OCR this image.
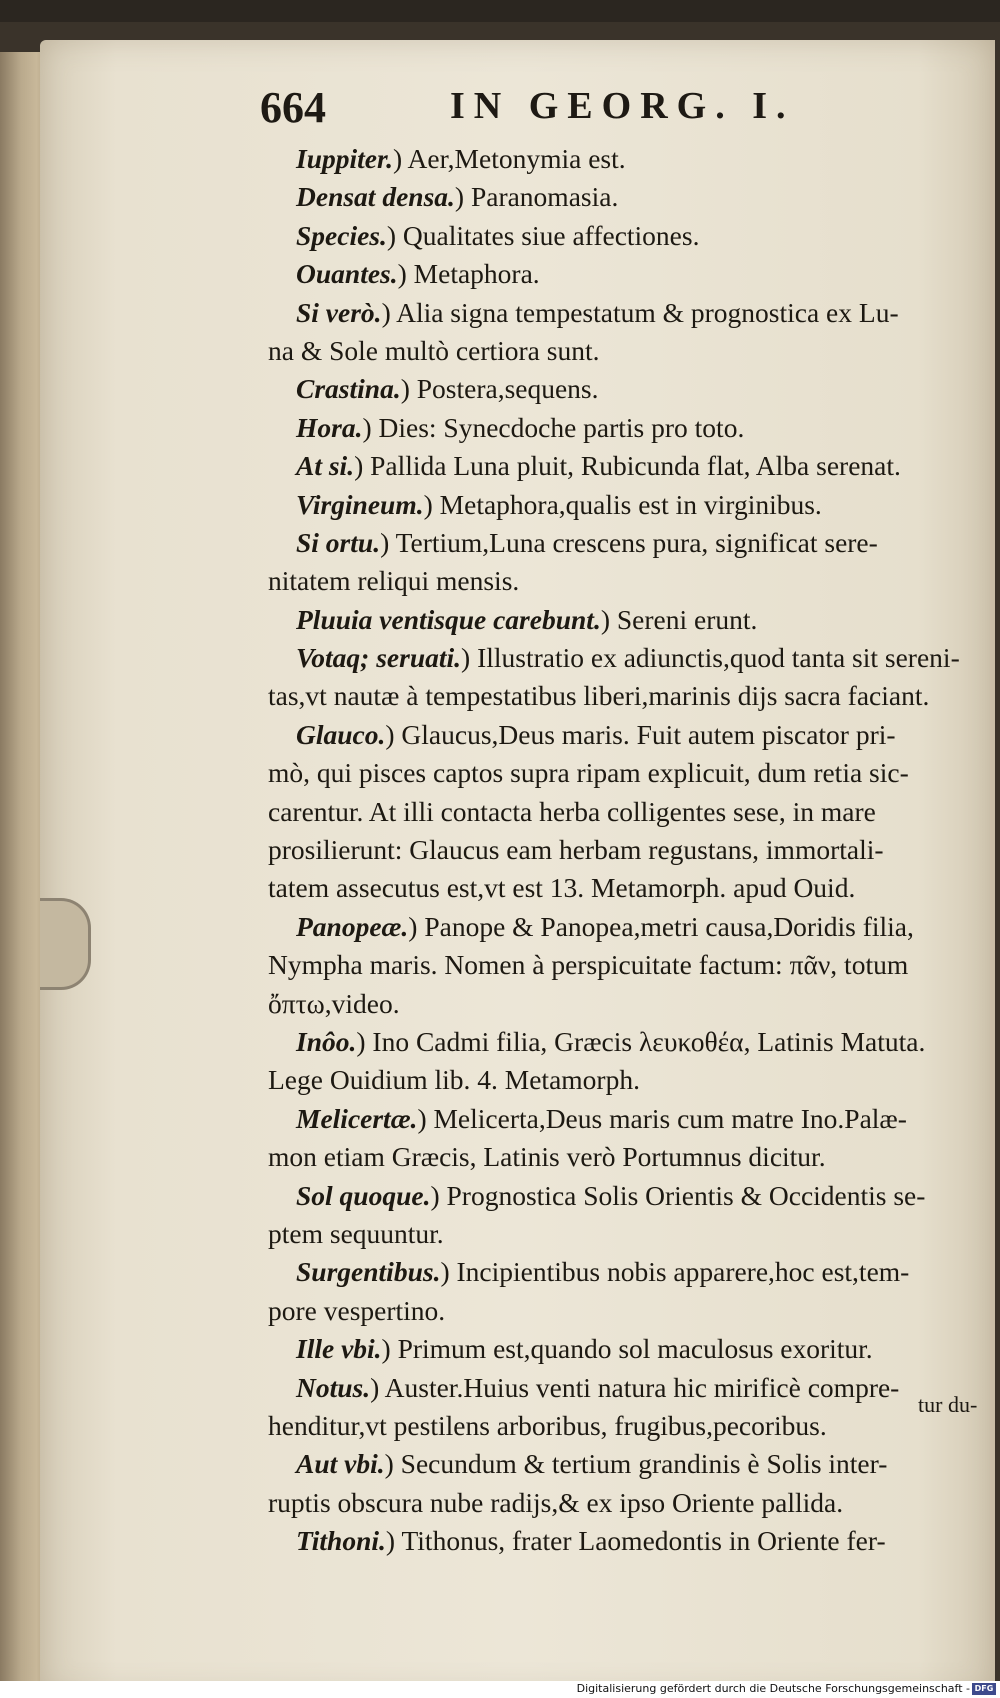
664	IN GEORG. I.
Iuppiter.) Aer,Metonymia est.
Densat densa.) Paranomasia.
Species.) Qualitates siue affectiones.
Ouantes.) Metaphora.
Si verò.) Alia signa tempestatum & prognostica ex Lu-
na & Sole multò certiora sunt.
Crastina.) Postera,sequens.
Hora.) Dies: Synecdoche partis pro toto.
At si.) Pallida Luna pluit, Rubicunda flat, Alba serenat.
Virgineum.) Metaphora,qualis est in virginibus.
Si ortu.) Tertium,Luna crescens pura, significat sere-
nitatem reliqui mensis.
Pluuia ventisque carebunt.) Sereni erunt.
Votaq; seruati.) Illustratio ex adiunctis,quod tanta sit sereni-
tas,vt nautæ à tempestatibus liberi,marinis dijs sacra faciant.
Glauco.) Glaucus,Deus maris. Fuit autem piscator pri-
mò, qui pisces captos supra ripam explicuit, dum retia sic-
carentur. At illi contacta herba colligentes sese, in mare
prosilierunt: Glaucus eam herbam regustans, immortali-
tatem assecutus est,vt est 13. Metamorph. apud Ouid.
Panopeæ.) Panope & Panopea,metri causa,Doridis filia,
Nympha maris. Nomen à perspicuitate factum: πᾶν, totum
ὄπτω,video.
Inôo.) Ino Cadmi filia, Græcis λευκοθέα, Latinis Matuta.
Lege Ouidium lib. 4. Metamorph.
Melicertæ.) Melicerta,Deus maris cum matre Ino.Palæ-
mon etiam Græcis, Latinis verò Portumnus dicitur.
Sol quoque.) Prognostica Solis Orientis & Occidentis se-
ptem sequuntur.
Surgentibus.) Incipientibus nobis apparere,hoc est,tem-
pore vespertino.
Ille vbi.) Primum est,quando sol maculosus exoritur.
Notus.) Auster.Huius venti natura hic mirificè compre-
henditur,vt pestilens arboribus, frugibus,pecoribus.
Aut vbi.) Secundum & tertium grandinis è Solis inter-
ruptis obscura nube radijs,& ex ipso Oriente pallida.
Tithoni.) Tithonus, frater Laomedontis in Oriente fer-
tur du-
Digitalisierung gefördert durch die Deutsche Forschungsgemeinschaft - DFG
